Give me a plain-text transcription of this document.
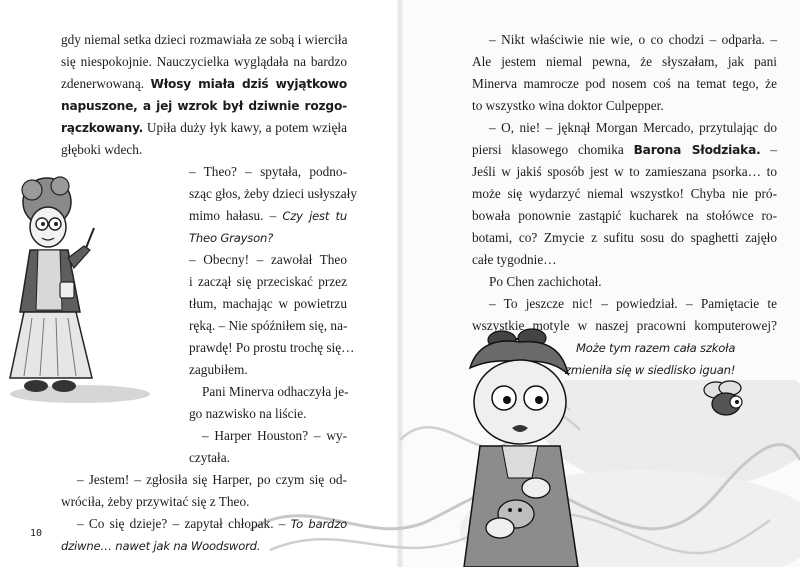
gdy niemal setka dzieci rozmawiała ze sobą i wierciła
się niespokojnie. Nauczycielka wyglądała na bardzo
zdenerwowaną. Włosy miała dziś wyjątkowo
napuszone, a jej wzrok był dziwnie rozgo-
rączkowany. Upiła duży łyk kawy, a potem wzięła
głęboki wdech.
– Theo? – spytała, podno-
sząc głos, żeby dzieci usłyszały
mimo hałasu. – Czy jest tu
Theo Grayson?
– Obecny! – zawołał Theo
i zaczął się przeciskać przez
tłum, machając w powietrzu
ręką. – Nie spóźniłem się, na-
prawdę! Po prostu trochę się…
zagubiłem.
Pani Minerva odhaczyła je-
go nazwisko na liście.
– Harper Houston? – wy-
czytała.
– Jestem! – zgłosiła się Harper, po czym się od-
wróciła, żeby przywitać się z Theo.
– Co się dzieje? – zapytał chłopak. – To bardzo
dziwne… nawet jak na Woodsword.
– Nikt właściwie nie wie, o co chodzi – odparła. –
Ale jestem niemal pewna, że słyszałam, jak pani
Minerva mamrocze pod nosem coś na temat tego, że
to wszystko wina doktor Culpepper.
– O, nie! – jęknął Morgan Mercado, przytulając do
piersi klasowego chomika Barona Słodziaka. –
Jeśli w jakiś sposób jest w to zamieszana psorka… to
może się wydarzyć niemal wszystko! Chyba nie pró-
bowała ponownie zastąpić kucharek na stołówce ro-
botami, co? Zmycie z sufitu sosu do spaghetti zajęło
całe tygodnie…
Po Chen zachichotał.
– To jeszcze nic! – powiedział. – Pamiętacie te
wszystkie motyle w naszej pracowni komputerowej?
Może tym razem cała szkoła
zmieniła się w siedlisko iguan!
10
